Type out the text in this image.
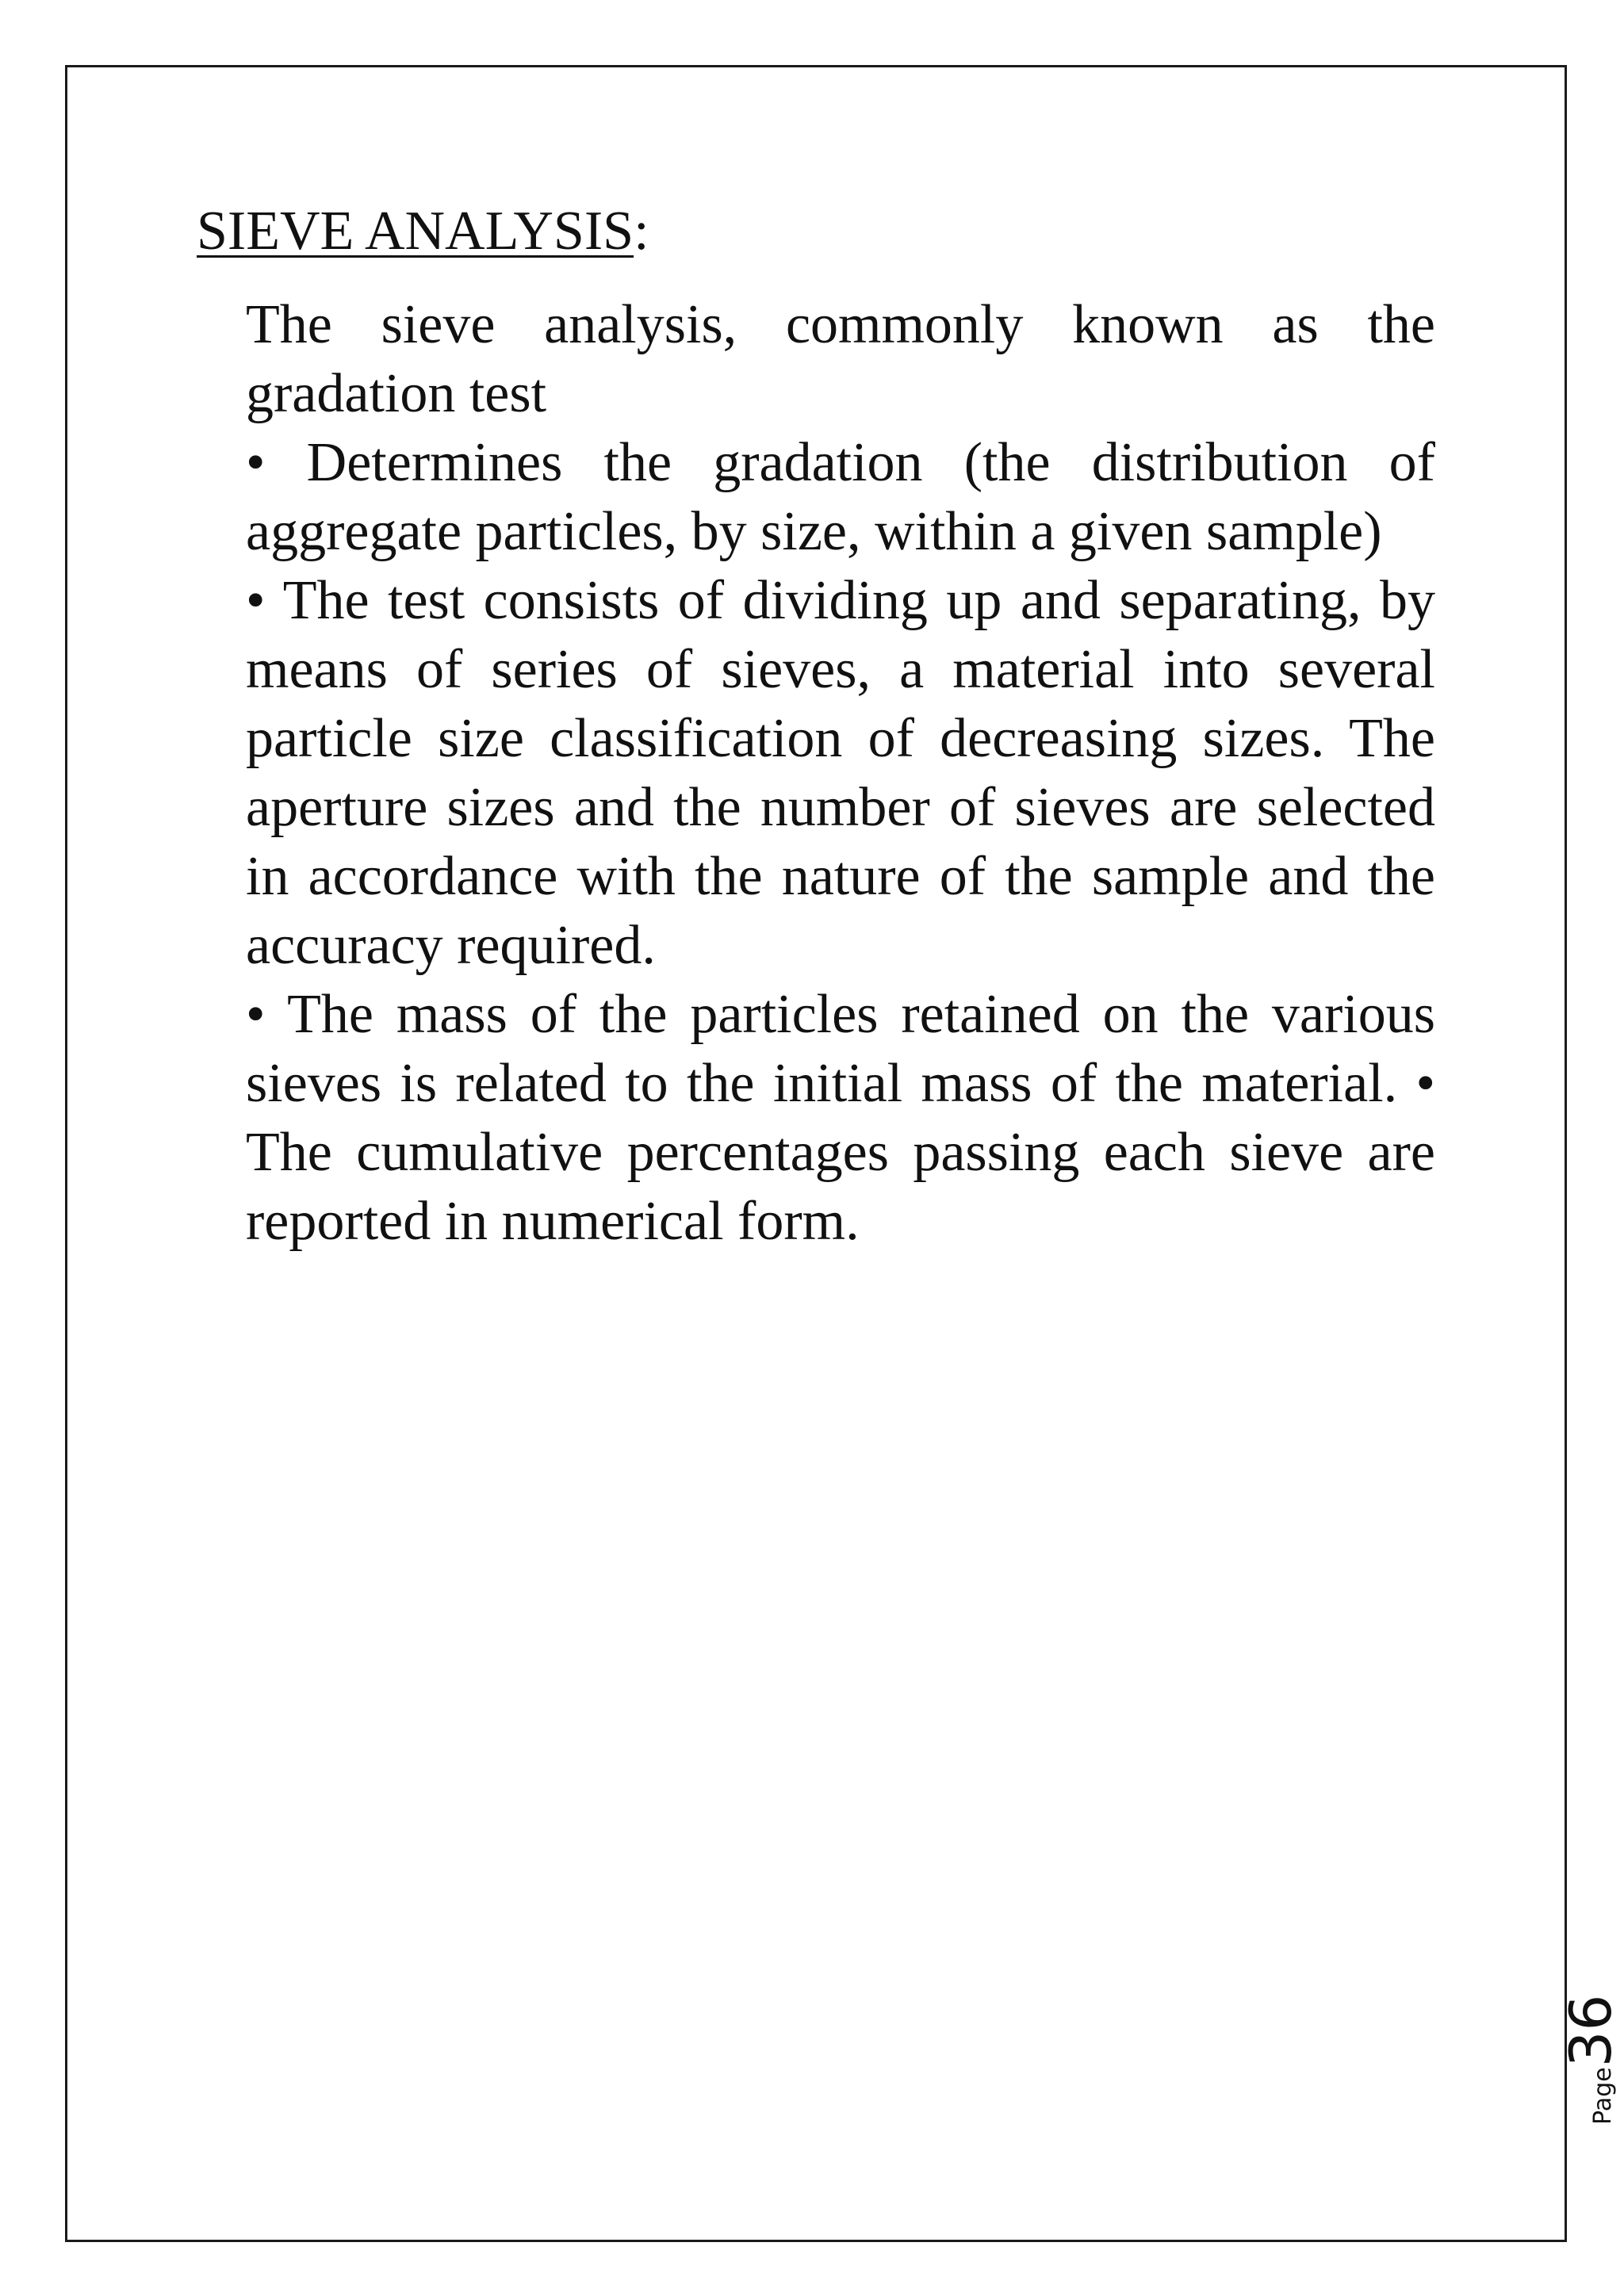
SIEVE ANALYSIS:

The sieve analysis, commonly known as the gradation test

• Determines the gradation (the distribution of aggregate particles, by size, within a given sample)

• The test consists of dividing up and separating, by means of series of sieves, a material into several particle size classification of decreasing sizes. The aperture sizes and the number of sieves are selected in accordance with the nature of the sample and the accuracy required.

• The mass of the particles retained on the various sieves is related to the initial mass of the material. • The cumulative percentages passing each sieve are reported in numerical form.

Page36
